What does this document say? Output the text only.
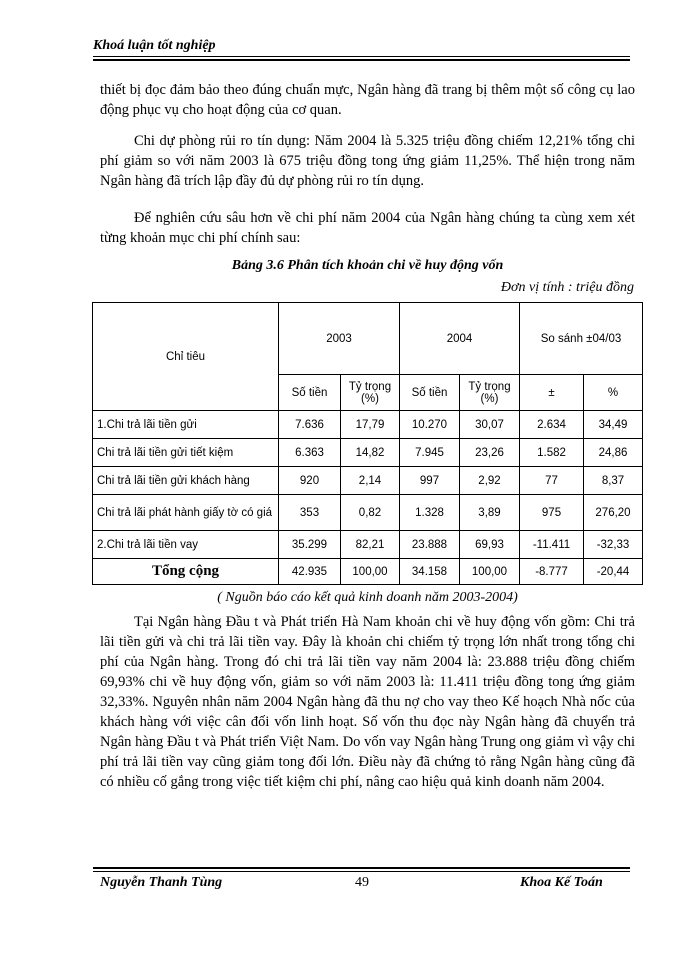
Khoá luận tốt nghiệp

thiết bị đọc đảm bảo theo đúng chuẩn mực, Ngân hàng đã trang bị thêm một số công cụ lao động phục vụ cho hoạt động của cơ quan.

Chi dự phòng rủi ro tín dụng: Năm 2004 là 5.325 triệu đồng chiếm 12,21% tổng chi phí giảm so với năm 2003 là 675 triệu đồng tong ứng giảm 11,25%. Thể hiện trong năm Ngân hàng đã trích lập đầy đủ dự phòng rủi ro tín dụng.

Để nghiên cứu sâu hơn về chi phí năm 2004 của Ngân hàng chúng ta cùng xem xét từng khoản mục chi phí chính sau:

Bảng 3.6 Phân tích khoản chi về huy động vốn
Đơn vị tính : triệu đồng
Chỉ tiêu	2003		2004		So sánh ±04/03	
	Số tiền	Tỷ trọng (%)	Số tiền	Tỷ trọng (%)	±	%
1.Chi trả lãi tiền gửi	7.636	17,79	10.270	30,07	2.634	34,49
Chi trả lãi tiền gửi tiết kiệm	6.363	14,82	7.945	23,26	1.582	24,86
Chi trả lãi tiền gửi khách hàng	920	2,14	997	2,92	77	8,37
Chi trả lãi phát hành giấy tờ có giá	353	0,82	1.328	3,89	975	276,20
2.Chi trả lãi tiền vay	35.299	82,21	23.888	69,93	-11.411	-32,33
Tổng cộng	42.935	100,00	34.158	100,00	-8.777	-20,44
( Nguồn báo cáo kết quả kinh doanh năm 2003-2004)

Tại Ngân hàng Đầu t và Phát triển Hà Nam khoản chi về huy động vốn gồm: Chi trả lãi tiền gửi và chi trả lãi tiền vay. Đây là khoản chi chiếm tỷ trọng lớn nhất trong tổng chi phí của Ngân hàng. Trong đó chi trả lãi tiền vay năm 2004 là: 23.888 triệu đồng chiếm 69,93% chi về huy động vốn, giảm so với năm 2003 là: 11.411 triệu đồng tong ứng giảm 32,33%. Nguyên nhân năm 2004 Ngân hàng đã thu nợ cho vay theo Kế hoạch Nhà nốc của khách hàng với việc cân đối vốn linh hoạt. Số vốn thu đọc này Ngân hàng đã chuyển trả Ngân hàng Đầu t và Phát triển Việt Nam. Do vốn vay Ngân hàng Trung ong giảm vì vậy chi phí trả lãi tiền vay cũng giảm tong đối lớn. Điều này đã chứng tỏ rằng Ngân hàng cũng đã có nhiều cố gắng trong việc tiết kiệm chi phí, nâng cao hiệu quả kinh doanh năm 2004.

Nguyễn Thanh Tùng	49	Khoa Kế Toán
